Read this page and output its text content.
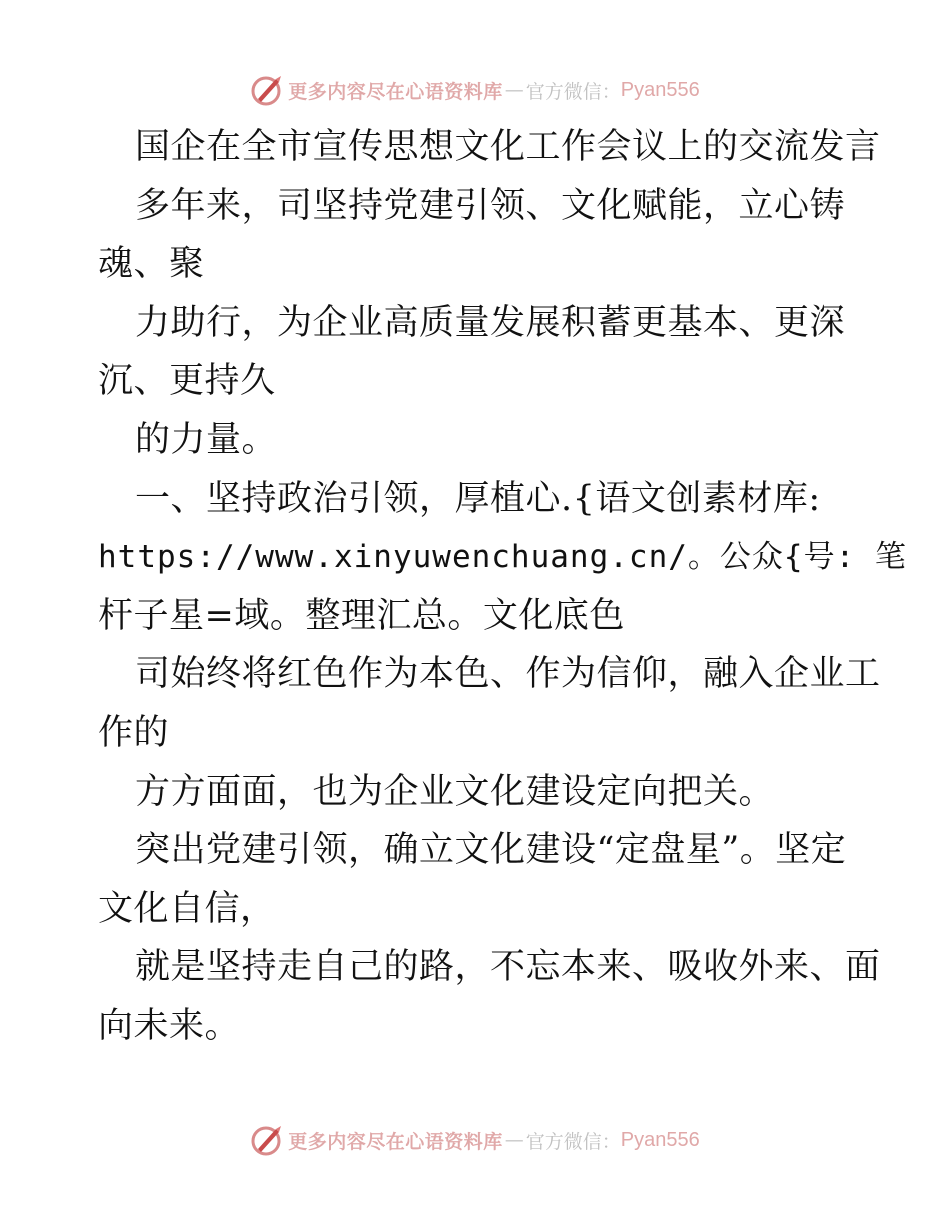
更多内容尽在心语资料库 — 官方微信： Pyan556
国企在全市宣传思想文化工作会议上的交流发言
多年来，司坚持党建引领、文化赋能，立心铸
魂、聚
力助行，为企业高质量发展积蓄更基本、更深
沉、更持久
的力量。
一、坚持政治引领，厚植心.{语文创素材库:
https://www.xinyuwenchuang.cn/。公众{号: 笔
杆子星=域。整理汇总。文化底色
司始终将红色作为本色、作为信仰，融入企业工
作的
方方面面，也为企业文化建设定向把关。
突出党建引领，确立文化建设“定盘星”。坚定
文化自信，
就是坚持走自己的路，不忘本来、吸收外来、面
向未来。
更多内容尽在心语资料库 — 官方微信： Pyan556
